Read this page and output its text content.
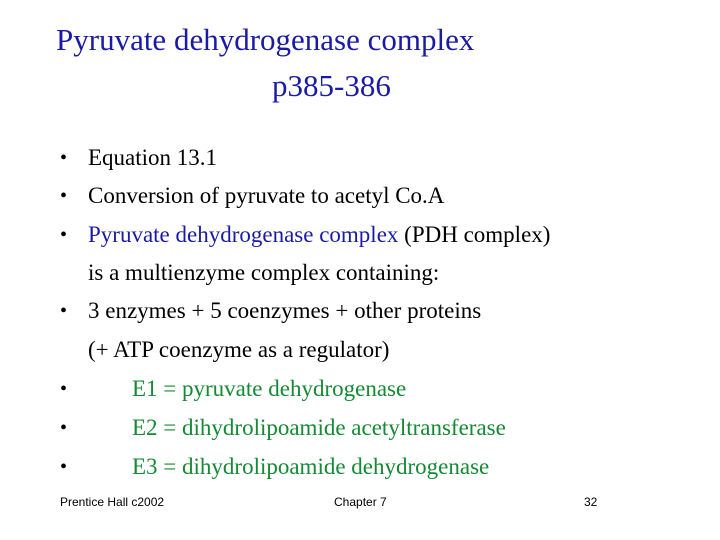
Pyruvate dehydrogenase complex
p385-386
• Equation 13.1
• Conversion of pyruvate to acetyl Co.A
• Pyruvate dehydrogenase complex (PDH complex)
is a multienzyme complex containing:
• 3 enzymes + 5 coenzymes + other proteins
(+ ATP coenzyme as a regulator)
•	E1 = pyruvate dehydrogenase
•	E2 = dihydrolipoamide acetyltransferase
•	E3 = dihydrolipoamide dehydrogenase
Prentice Hall c2002	Chapter 7	32
